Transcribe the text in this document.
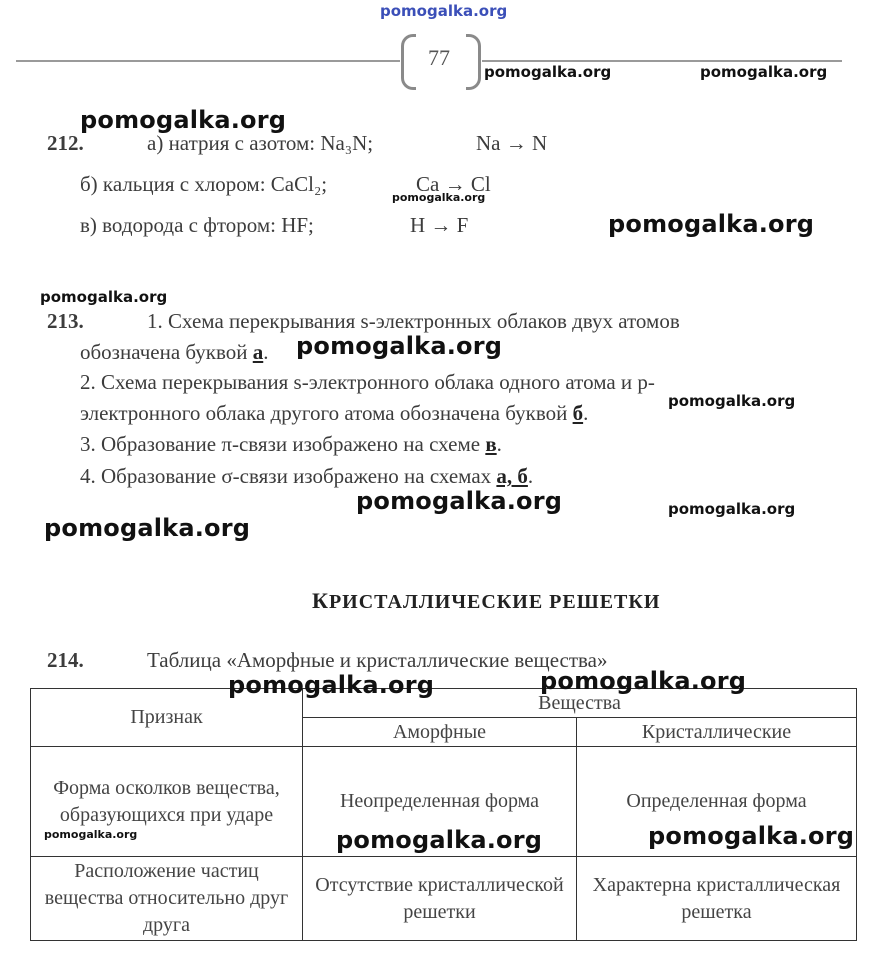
pomogalka.org
77
pomogalka.org	pomogalka.org
212.	а) натрия с азотом: Na₃N;	Na → N
б) кальция с хлором: CaCl₂;	Ca → Cl
в) водорода с фтором: HF;	H → F
pomogalka.org
pomogalka.org
pomogalka.org
pomogalka.org
213.	1. Схема перекрывания s-электронных облаков двух атомов
обозначена буквой а. pomogalka.org
2. Схема перекрывания s-электронного облака одного атома и р-
электронного облака другого атома обозначена буквой б.	pomogalka.org
3. Образование π-связи изображено на схеме в.
4. Образование σ-связи изображено на схемах а, б.
pomogalka.org	pomogalka.org
pomogalka.org
КРИСТАЛЛИЧЕСКИЕ РЕШЕТКИ
214.	Таблица «Аморфные и кристаллические вещества»
Признак	Вещества	
	Аморфные	Кристаллические
Форма осколков вещества, образующихся при ударе	Неопределенная форма	Определенная форма
Расположение частиц вещества относительно друг друга	Отсутствие кристаллической решетки	Характерна кристаллическая решетка
pomogalka.org	pomogalka.org
pomogalka.org	pomogalka.org	pomogalka.org
